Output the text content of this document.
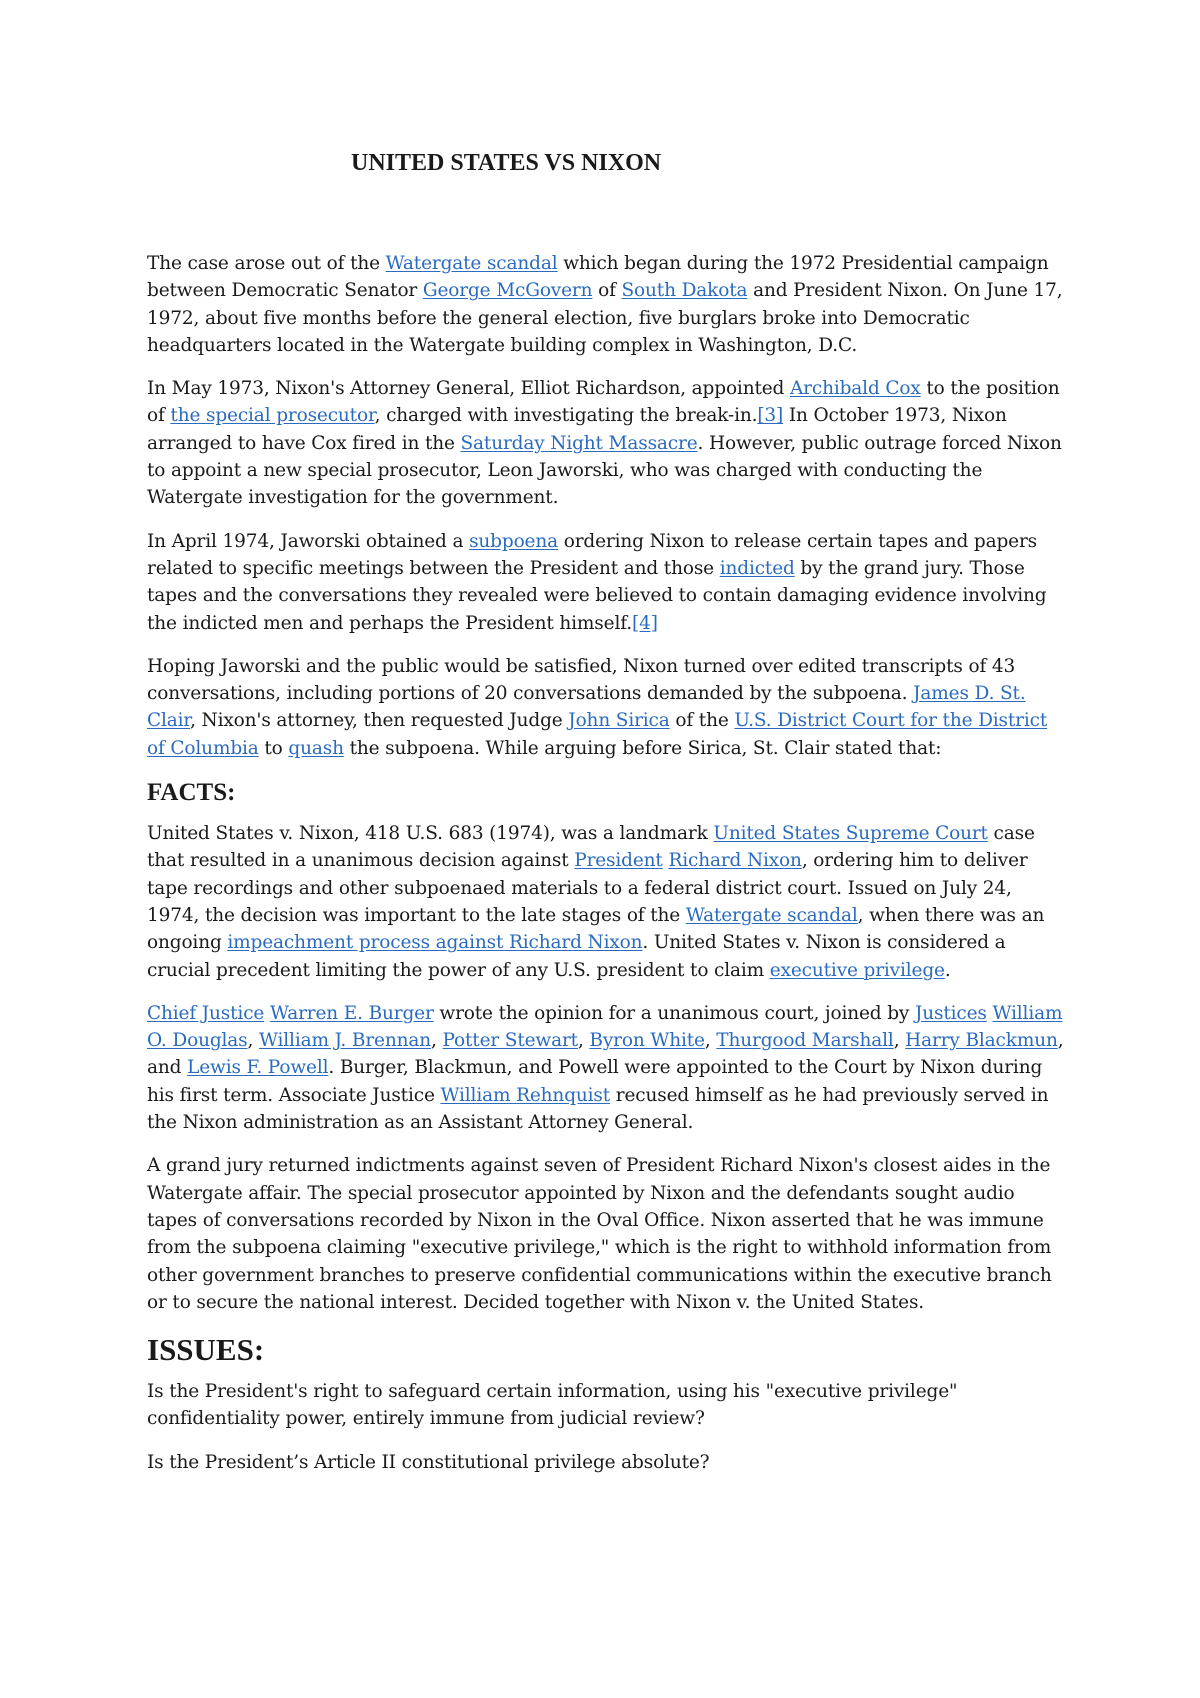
UNITED STATES VS NIXON

The case arose out of the Watergate scandal which began during the 1972 Presidential campaign between Democratic Senator George McGovern of South Dakota and President Nixon. On June 17, 1972, about five months before the general election, five burglars broke into Democratic headquarters located in the Watergate building complex in Washington, D.C.

In May 1973, Nixon's Attorney General, Elliot Richardson, appointed Archibald Cox to the position of the special prosecutor, charged with investigating the break-in.[3] In October 1973, Nixon arranged to have Cox fired in the Saturday Night Massacre. However, public outrage forced Nixon to appoint a new special prosecutor, Leon Jaworski, who was charged with conducting the Watergate investigation for the government.

In April 1974, Jaworski obtained a subpoena ordering Nixon to release certain tapes and papers related to specific meetings between the President and those indicted by the grand jury. Those tapes and the conversations they revealed were believed to contain damaging evidence involving the indicted men and perhaps the President himself.[4]

Hoping Jaworski and the public would be satisfied, Nixon turned over edited transcripts of 43 conversations, including portions of 20 conversations demanded by the subpoena. James D. St. Clair, Nixon's attorney, then requested Judge John Sirica of the U.S. District Court for the District of Columbia to quash the subpoena. While arguing before Sirica, St. Clair stated that:

FACTS:

United States v. Nixon, 418 U.S. 683 (1974), was a landmark United States Supreme Court case that resulted in a unanimous decision against President Richard Nixon, ordering him to deliver tape recordings and other subpoenaed materials to a federal district court. Issued on July 24, 1974, the decision was important to the late stages of the Watergate scandal, when there was an ongoing impeachment process against Richard Nixon. United States v. Nixon is considered a crucial precedent limiting the power of any U.S. president to claim executive privilege.

Chief Justice Warren E. Burger wrote the opinion for a unanimous court, joined by Justices William O. Douglas, William J. Brennan, Potter Stewart, Byron White, Thurgood Marshall, Harry Blackmun, and Lewis F. Powell. Burger, Blackmun, and Powell were appointed to the Court by Nixon during his first term. Associate Justice William Rehnquist recused himself as he had previously served in the Nixon administration as an Assistant Attorney General.

A grand jury returned indictments against seven of President Richard Nixon's closest aides in the Watergate affair. The special prosecutor appointed by Nixon and the defendants sought audio tapes of conversations recorded by Nixon in the Oval Office. Nixon asserted that he was immune from the subpoena claiming "executive privilege," which is the right to withhold information from other government branches to preserve confidential communications within the executive branch or to secure the national interest. Decided together with Nixon v. the United States.

ISSUES:

Is the President's right to safeguard certain information, using his "executive privilege" confidentiality power, entirely immune from judicial review?

Is the President’s Article II constitutional privilege absolute?
